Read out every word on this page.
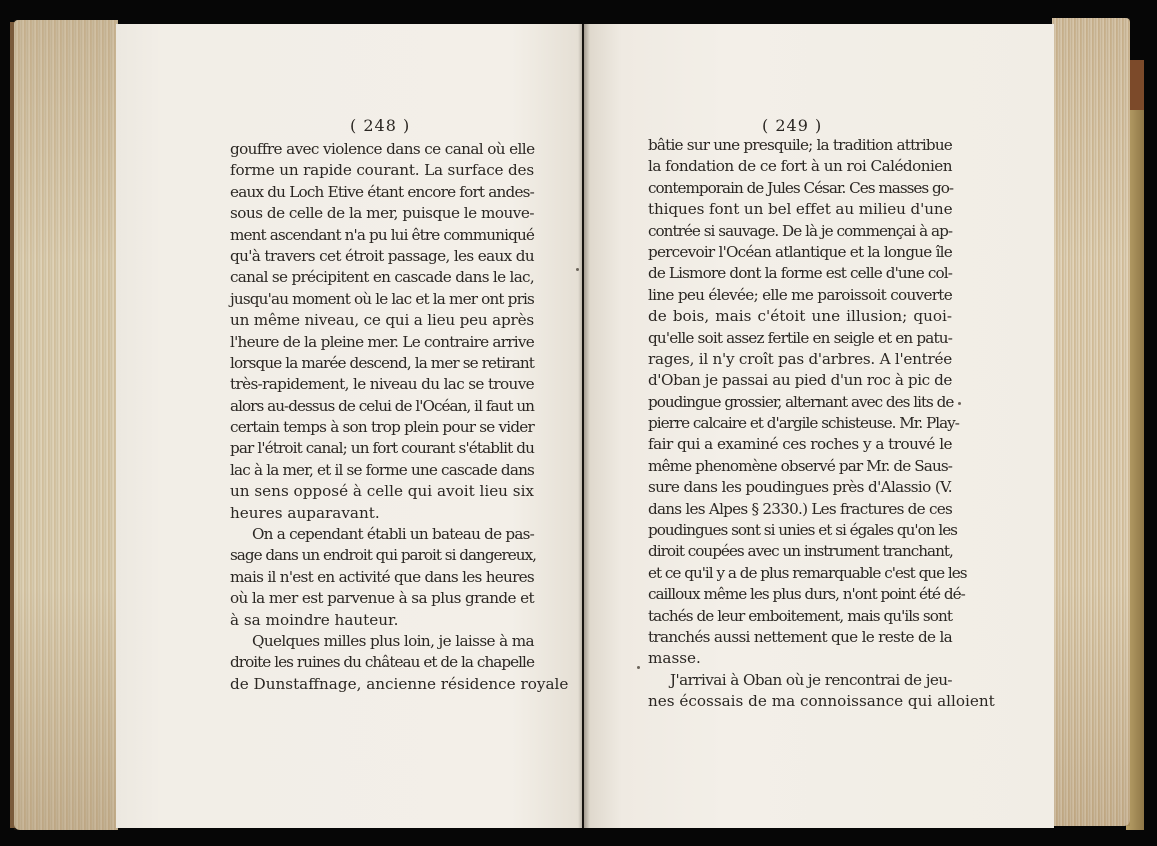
( 248 )	( 249 )
gouffre avec violence dans ce canal où elle
forme un rapide courant. La surface des
eaux du Loch Etive étant encore fort andes-
sous de celle de la mer, puisque le mouve-
ment ascendant n'a pu lui être communiqué
qu'à travers cet étroit passage, les eaux du
canal se précipitent en cascade dans le lac,
jusqu'au moment où le lac et la mer ont pris
un même niveau, ce qui a lieu peu après
l'heure de la pleine mer. Le contraire arrive
lorsque la marée descend, la mer se retirant
très-rapidement, le niveau du lac se trouve
alors au-dessus de celui de l'Océan, il faut un
certain temps à son trop plein pour se vider
par l'étroit canal; un fort courant s'établit du
lac à la mer, et il se forme une cascade dans
un sens opposé à celle qui avoit lieu six
heures auparavant.
On a cependant établi un bateau de pas-
sage dans un endroit qui paroit si dangereux,
mais il n'est en activité que dans les heures
où la mer est parvenue à sa plus grande et
à sa moindre hauteur.
Quelques milles plus loin, je laisse à ma
droite les ruines du château et de la chapelle
de Dunstaffnage, ancienne résidence royale
bâtie sur une presquile; la tradition attribue
la fondation de ce fort à un roi Calédonien
contemporain de Jules César. Ces masses go-
thiques font un bel effet au milieu d'une
contrée si sauvage. De là je commençai à ap-
percevoir l'Océan atlantique et la longue île
de Lismore dont la forme est celle d'une col-
line peu élevée; elle me paroissoit couverte
de bois, mais c'étoit une illusion; quoi-
qu'elle soit assez fertile en seigle et en patu-
rages, il n'y croît pas d'arbres. A l'entrée
d'Oban je passai au pied d'un roc à pic de
poudingue grossier, alternant avec des lits de
pierre calcaire et d'argile schisteuse. Mr. Play-
fair qui a examiné ces roches y a trouvé le
même phenomène observé par Mr. de Saus-
sure dans les poudingues près d'Alassio (V.
dans les Alpes § 2330.) Les fractures de ces
poudingues sont si unies et si égales qu'on les
diroit coupées avec un instrument tranchant,
et ce qu'il y a de plus remarquable c'est que les
cailloux même les plus durs, n'ont point été dé-
tachés de leur emboitement, mais qu'ils sont
tranchés aussi nettement que le reste de la
masse.
J'arrivai à Oban où je rencontrai de jeu-
nes écossais de ma connoissance qui alloient
